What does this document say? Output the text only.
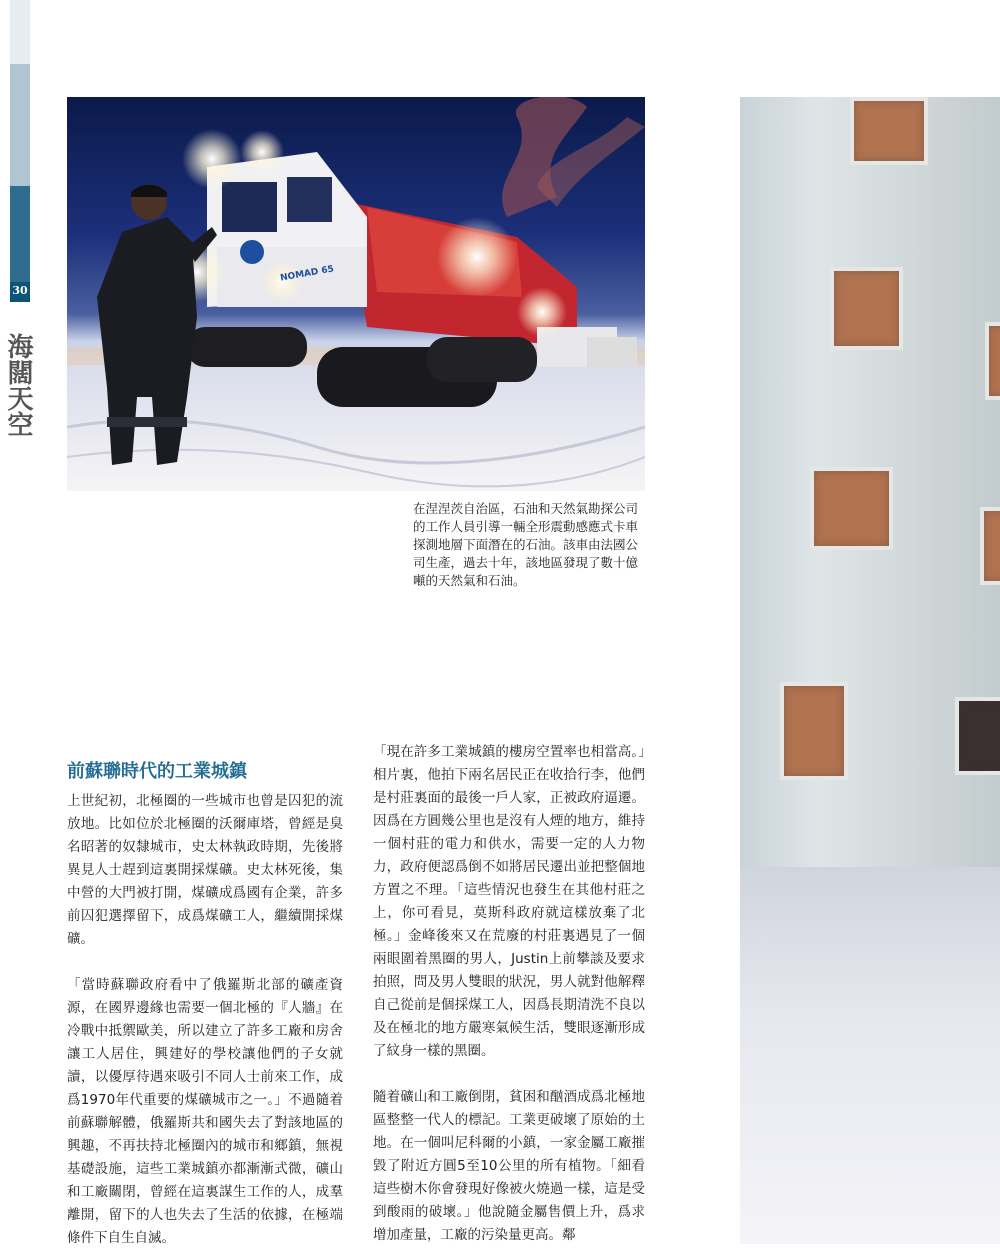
30
海闊天空
NOMAD 65
在涅涅茨自治區，石油和天然氣勘探公司的工作人員引導一輛全形震動感應式卡車探測地層下面潛在的石油。該車由法國公司生產，過去十年，該地區發現了數十億噸的天然氣和石油。
前蘇聯時代的工業城鎮

上世紀初，北極圈的一些城市也曾是囚犯的流放地。比如位於北極圈的沃爾庫塔，曾經是臭名昭著的奴隸城市，史太林執政時期，先後將異見人士趕到這裏開採煤礦。史太林死後，集中營的大門被打開，煤礦成爲國有企業，許多前囚犯選擇留下，成爲煤礦工人，繼續開採煤礦。

「當時蘇聯政府看中了俄羅斯北部的礦產資源，在國界邊緣也需要一個北極的『人牆』在冷戰中抵禦歐美，所以建立了許多工廠和房舍讓工人居住，興建好的學校讓他們的子女就讀，以優厚待遇來吸引不同人士前來工作，成爲1970年代重要的煤礦城市之一。」不過隨着前蘇聯解體，俄羅斯共和國失去了對該地區的興趣，不再扶持北極圈內的城市和鄉鎮，無視基礎設施，這些工業城鎮亦都漸漸式微，礦山和工廠關閉，曾經在這裏謀生工作的人，成羣離開，留下的人也失去了生活的依據，在極端條件下自生自滅。

「現在許多工業城鎮的樓房空置率也相當高。」相片裏，他拍下兩名居民正在收拾行李，他們是村莊裏面的最後一戶人家，正被政府逼遷。因爲在方圓幾公里也是沒有人煙的地方，維持一個村莊的電力和供水，需要一定的人力物力，政府便認爲倒不如將居民遷出並把整個地方置之不理。「這些情況也發生在其他村莊之上，你可看見，莫斯科政府就這樣放棄了北極。」金峰後來又在荒廢的村莊裏遇見了一個兩眼圍着黑圈的男人，Justin上前攀談及要求拍照，問及男人雙眼的狀況，男人就對他解釋自己從前是個採煤工人，因爲長期清洗不良以及在極北的地方嚴寒氣候生活，雙眼逐漸形成了紋身一樣的黑圈。

隨着礦山和工廠倒閉，貧困和酗酒成爲北極地區整整一代人的標記。工業更破壞了原始的土地。在一個叫尼科爾的小鎮，一家金屬工廠摧毀了附近方圓5至10公里的所有植物。「細看這些樹木你會發現好像被火燒過一樣，這是受到酸雨的破壞。」他說隨金屬售價上升，爲求增加產量，工廠的污染量更高。鄰
